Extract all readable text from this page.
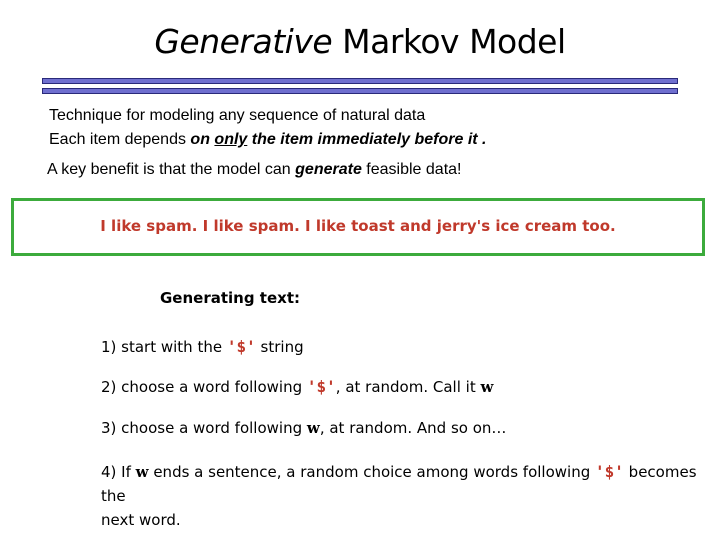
Generative Markov Model
Technique for modeling any sequence of natural data
Each item depends on only the item immediately before it .
A key benefit is that the model can generate feasible data!
I like spam. I like spam. I like toast and jerry's ice cream too.
Generating text:
1) start with the '$' string
2) choose a word following '$', at random. Call it w
3) choose a word following w, at random. And so on…
4) If w ends a sentence, a random choice among words following '$' becomes the
next word.
